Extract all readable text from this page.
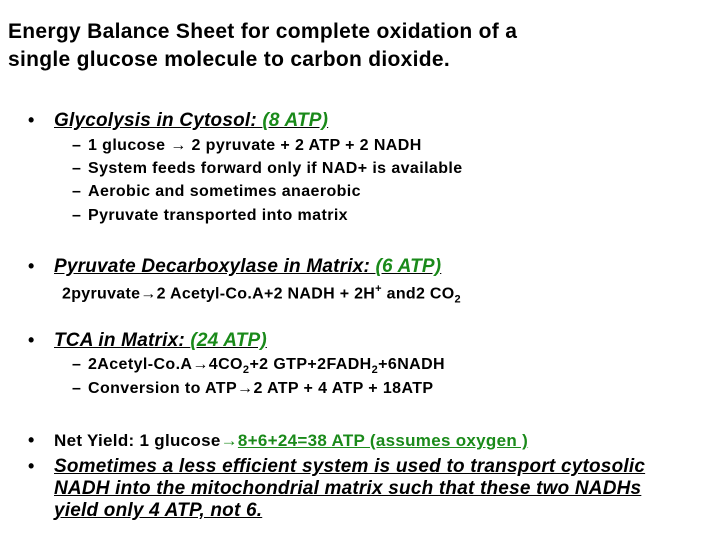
Energy Balance Sheet for complete oxidation of a
single glucose molecule to carbon dioxide.
•	Glycolysis in Cytosol: (8 ATP)
– 1 glucose → 2 pyruvate + 2 ATP + 2 NADH
– System feeds forward only if NAD+ is available
– Aerobic and sometimes anaerobic
– Pyruvate transported into matrix
•	Pyruvate Decarboxylase in Matrix: (6 ATP)
2pyruvate→2 Acetyl-Co.A+2 NADH + 2H+ and2 $CO_2$
•	TCA in Matrix: (24 ATP)
– $2Acetyl-Co.A\to 4CO_2+2$ $GTP+2FADH_2+6NADH$
– Conversion to ATP→2 ATP + 4 ATP + 18ATP
•	Net Yield: 1 glucose→8+6+24=38 ATP (assumes oxygen )
•	Sometimes a less efficient system is used to transport cytosolic NADH into the mitochondrial matrix such that these two NADHs yield only 4 ATP, not 6.
